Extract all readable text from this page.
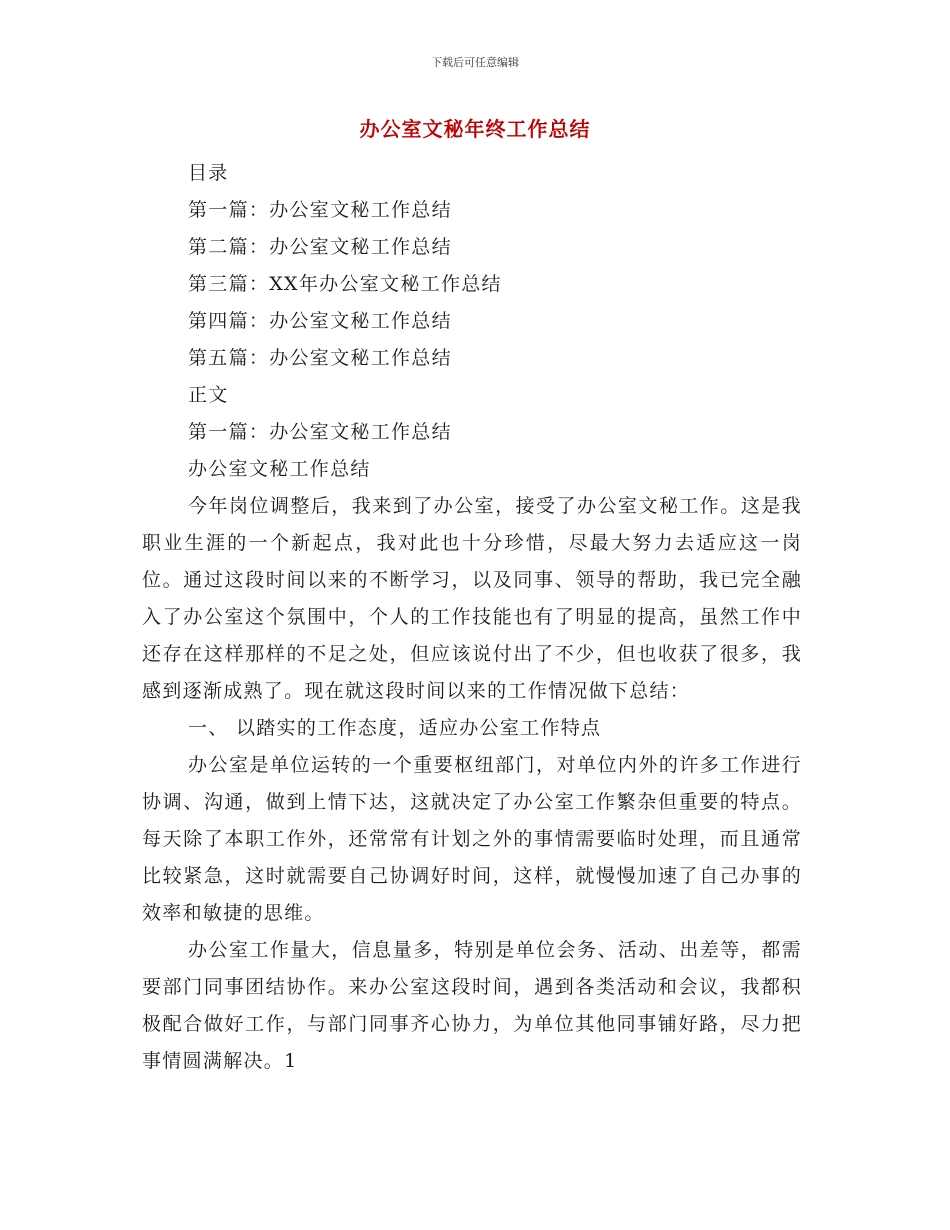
下载后可任意编辑
办公室文秘年终工作总结
目录
第一篇：办公室文秘工作总结
第二篇：办公室文秘工作总结
第三篇：XX年办公室文秘工作总结
第四篇：办公室文秘工作总结
第五篇：办公室文秘工作总结
正文
第一篇：办公室文秘工作总结
办公室文秘工作总结
今年岗位调整后，我来到了办公室，接受了办公室文秘工作。这是我职业生涯的一个新起点，我对此也十分珍惜，尽最大努力去适应这一岗位。通过这段时间以来的不断学习，以及同事、领导的帮助，我已完全融入了办公室这个氛围中，个人的工作技能也有了明显的提高，虽然工作中还存在这样那样的不足之处，但应该说付出了不少，但也收获了很多，我感到逐渐成熟了。现在就这段时间以来的工作情况做下总结：
一、 以踏实的工作态度，适应办公室工作特点
办公室是单位运转的一个重要枢纽部门，对单位内外的许多工作进行协调、沟通，做到上情下达，这就决定了办公室工作繁杂但重要的特点。每天除了本职工作外，还常常有计划之外的事情需要临时处理，而且通常比较紧急，这时就需要自己协调好时间，这样，就慢慢加速了自己办事的效率和敏捷的思维。
办公室工作量大，信息量多，特别是单位会务、活动、出差等，都需要部门同事团结协作。来办公室这段时间，遇到各类活动和会议，我都积极配合做好工作，与部门同事齐心协力，为单位其他同事铺好路，尽力把事情圆满解决。1
